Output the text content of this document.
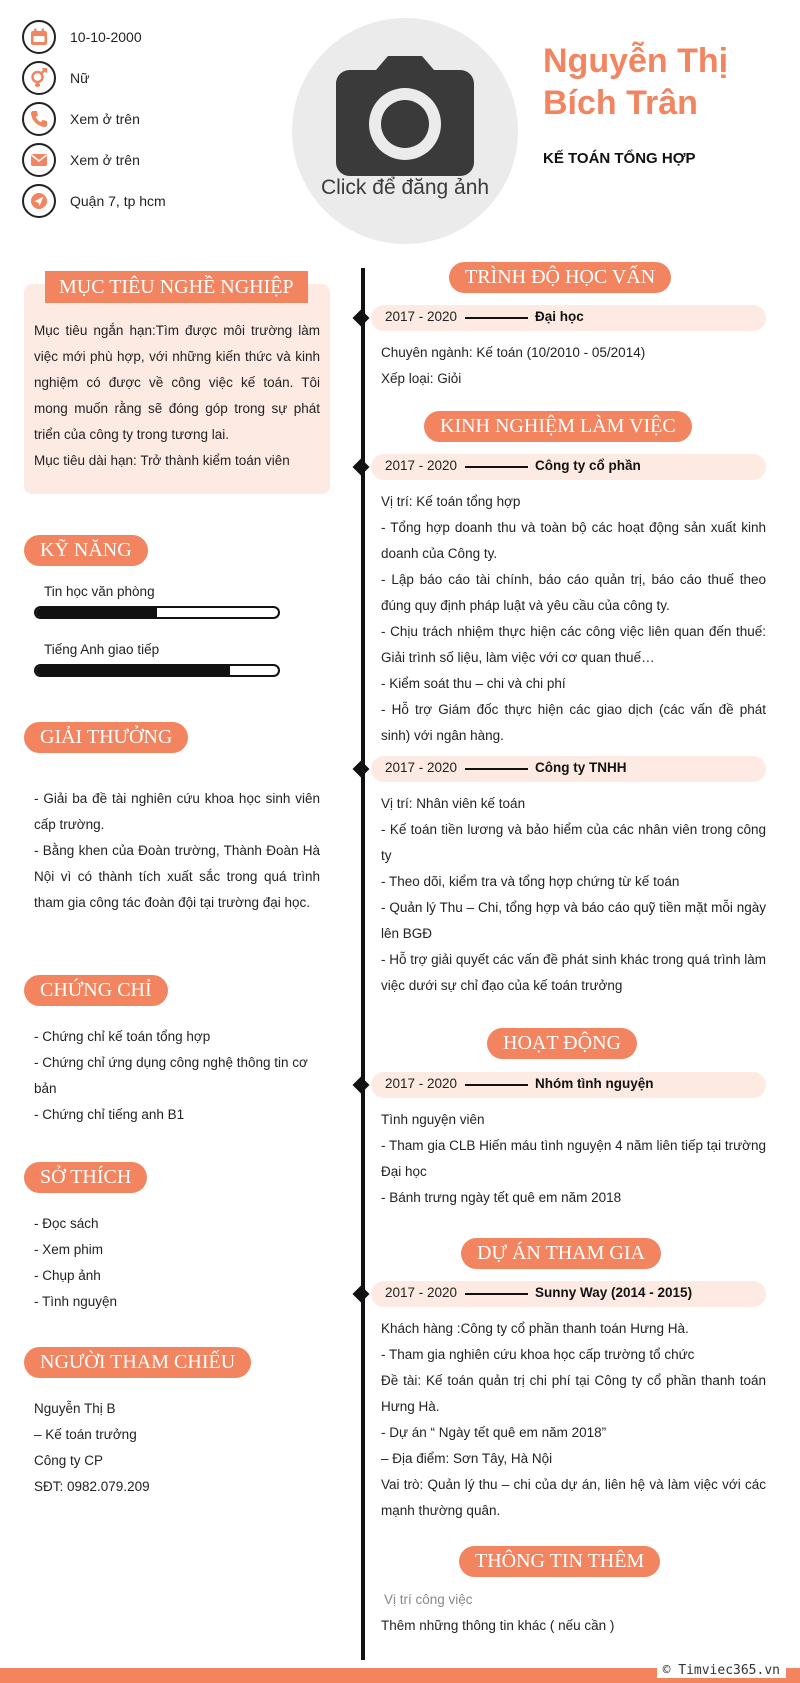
10-10-2000
Nữ
Xem ở trên
Xem ở trên
Quận 7, tp hcm
Click để đăng ảnh
Nguyễn Thị
Bích Trân
KẾ TOÁN TỔNG HỢP
MỤC TIÊU NGHỀ NGHIỆP
Mục tiêu ngắn hạn:Tìm được môi trường làm việc mới phù hợp, với những kiến thức và kinh nghiệm có được về công việc kế toán. Tôi mong muốn rằng sẽ đóng góp trong sự phát triển của công ty trong tương lai.
Mục tiêu dài hạn: Trở thành kiểm toán viên
KỸ NĂNG
Tin học văn phòng
Tiếng Anh giao tiếp
GIẢI THƯỞNG
- Giải ba đề tài nghiên cứu khoa học sinh viên cấp trường.
- Bằng khen của Đoàn trường, Thành Đoàn Hà Nội vì có thành tích xuất sắc trong quá trình tham gia công tác đoàn đội tại trường đại học.
CHỨNG CHỈ
- Chứng chỉ kế toán tổng hợp
- Chứng chỉ ứng dụng công nghệ thông tin cơ bản
- Chứng chỉ tiếng anh B1
SỞ THÍCH
- Đọc sách
- Xem phim
- Chụp ảnh
- Tình nguyện
NGƯỜI THAM CHIẾU
Nguyễn Thị B
– Kế toán trưởng
Công ty CP
SĐT: 0982.079.209
TRÌNH ĐỘ HỌC VẤN
2017 - 2020	Đại học
Chuyên ngành: Kế toán (10/2010 - 05/2014)
Xếp loại: Giỏi
KINH NGHIỆM LÀM VIỆC
2017 - 2020	Công ty cổ phần
Vị trí: Kế toán tổng hợp
- Tổng hợp doanh thu và toàn bộ các hoạt động sản xuất kinh doanh của Công ty.
- Lập báo cáo tài chính, báo cáo quản trị, báo cáo thuế theo đúng quy định pháp luật và yêu cầu của công ty.
- Chịu trách nhiệm thực hiện các công việc liên quan đến thuế: Giải trình số liệu, làm việc với cơ quan thuế…
- Kiểm soát thu – chi và chi phí
- Hỗ trợ Giám đốc thực hiện các giao dịch (các vấn đề phát sinh) với ngân hàng.
2017 - 2020	Công ty TNHH
Vị trí: Nhân viên kế toán
- Kế toán tiền lương và bảo hiểm của các nhân viên trong công ty
- Theo dõi, kiểm tra và tổng hợp chứng từ kế toán
- Quản lý Thu – Chi, tổng hợp và báo cáo quỹ tiền mặt mỗi ngày lên BGĐ
- Hỗ trợ giải quyết các vấn đề phát sinh khác trong quá trình làm việc dưới sự chỉ đạo của kế toán trưởng
HOẠT ĐỘNG
2017 - 2020	Nhóm tình nguyện
Tình nguyện viên
- Tham gia CLB Hiến máu tình nguyện 4 năm liên tiếp tại trường Đại học
- Bánh trưng ngày tết quê em năm 2018
DỰ ÁN THAM GIA
2017 - 2020	Sunny Way (2014 - 2015)
Khách hàng :Công ty cổ phần thanh toán Hưng Hà.
- Tham gia nghiên cứu khoa học cấp trường tổ chức
Đề tài: Kế toán quản trị chi phí tại Công ty cổ phần thanh toán Hưng Hà.
- Dự án “ Ngày tết quê em năm 2018”
– Địa điểm: Sơn Tây, Hà Nội
Vai trò: Quản lý thu – chi của dự án, liên hệ và làm việc với các mạnh thường quân.
THÔNG TIN THÊM
Vị trí công việc
Thêm những thông tin khác ( nếu cần )
© Timviec365.vn
